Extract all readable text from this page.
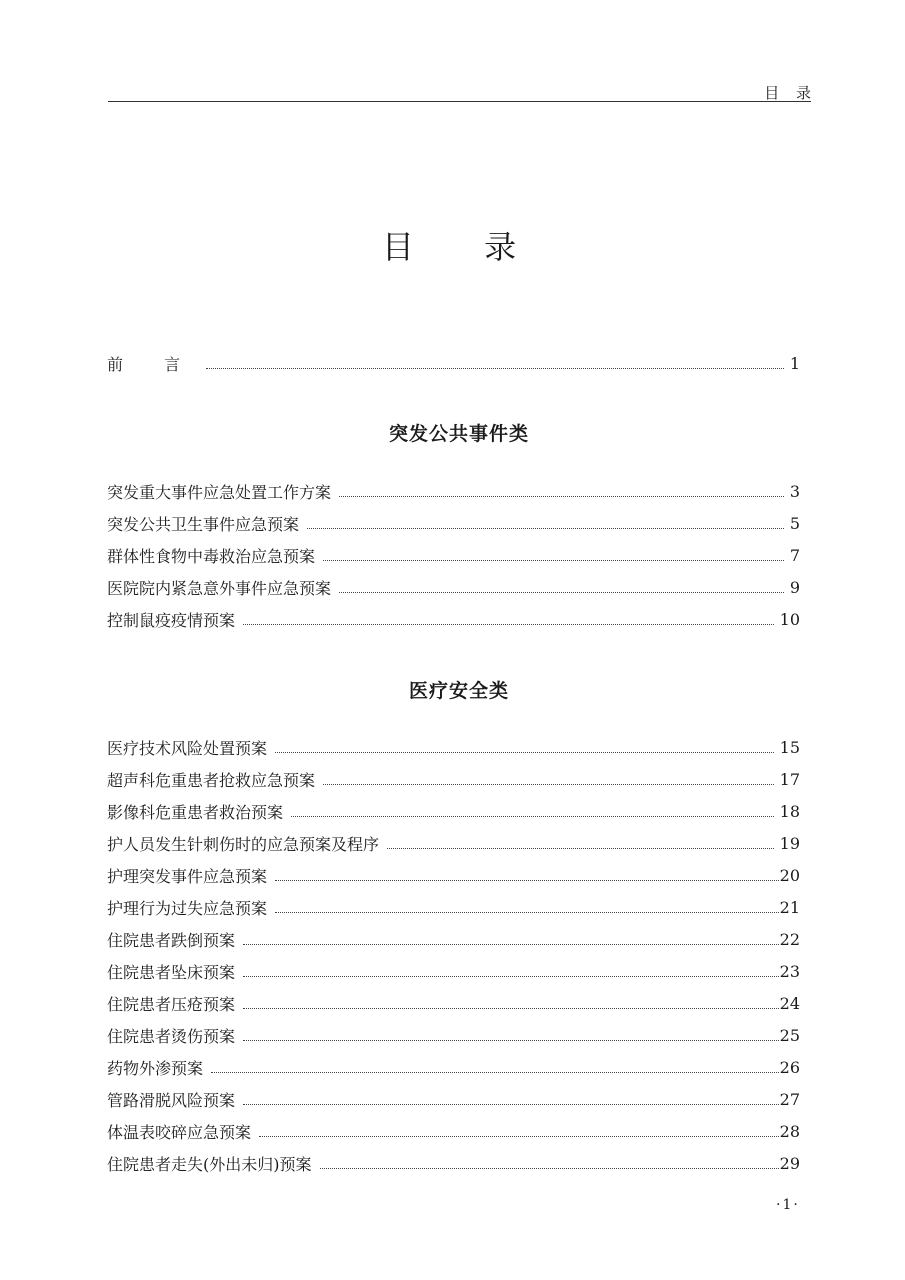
目 录
目 录
前 言	1
突发公共事件类
突发重大事件应急处置工作方案	3
突发公共卫生事件应急预案	5
群体性食物中毒救治应急预案	7
医院院内紧急意外事件应急预案	9
控制鼠疫疫情预案	10
医疗安全类
医疗技术风险处置预案	15
超声科危重患者抢救应急预案	17
影像科危重患者救治预案	18
护人员发生针刺伤时的应急预案及程序	19
护理突发事件应急预案	20
护理行为过失应急预案	21
住院患者跌倒预案	22
住院患者坠床预案	23
住院患者压疮预案	24
住院患者烫伤预案	25
药物外渗预案	26
管路滑脱风险预案	27
体温表咬碎应急预案	28
住院患者走失(外出未归)预案	29
·1·
